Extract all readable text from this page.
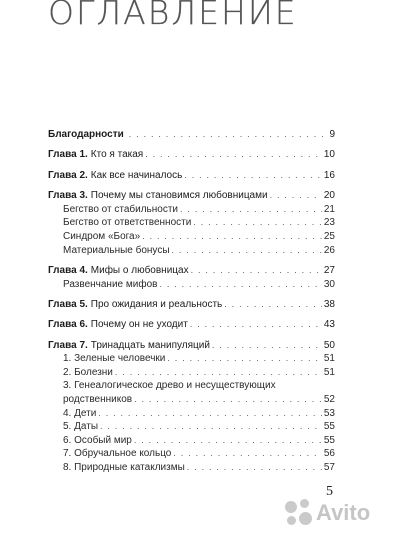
ОГЛАВЛЕНИЕ
Благодарности . . .	9
Глава 1. Кто я такая . . .	10
Глава 2. Как все начиналось . . .	16
Глава 3. Почему мы становимся любовницами . . .	20
Бегство от стабильности . . .	21
Бегство от ответственности . . .	23
Синдром «Бога» . . .	25
Материальные бонусы . . .	26
Глава 4. Мифы о любовницах . . .	27
Развенчание мифов . . .	30
Глава 5. Про ожидания и реальность . . .	38
Глава 6. Почему он не уходит . . .	43
Глава 7. Тринадцать манипуляций . . .	50
1. Зеленые человечки . . .	51
2. Болезни . . .	51
3. Генеалогическое древо и несуществующих
родственников . . .	52
4. Дети . . .	53
5. Даты . . .	55
6. Особый мир . . .	55
7. Обручальное кольцо . . .	56
8. Природные катаклизмы . . .	57
5
Avito
